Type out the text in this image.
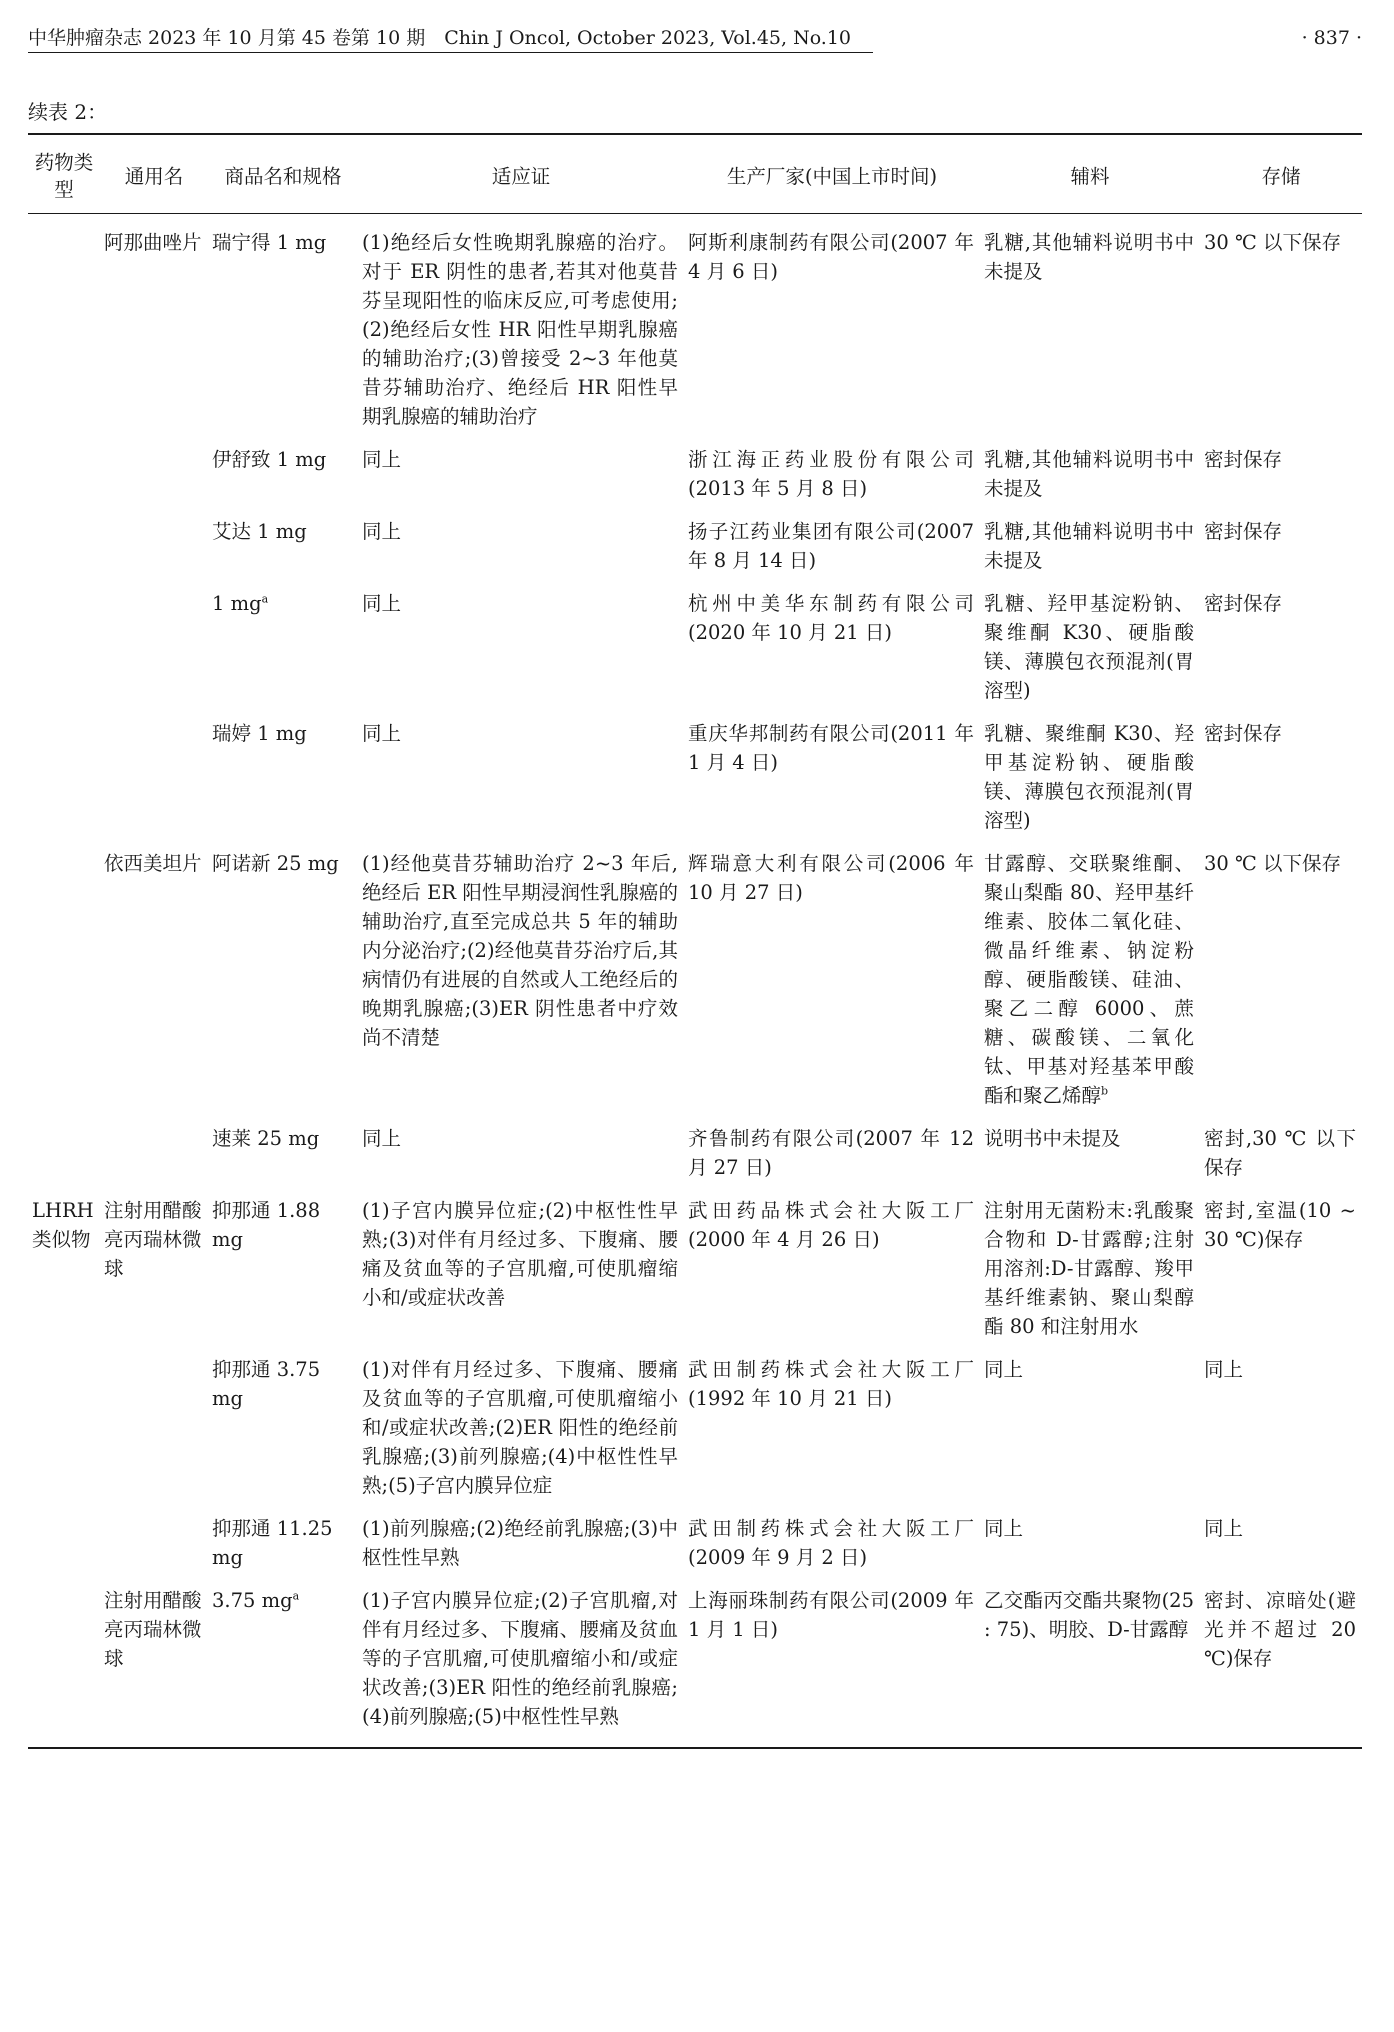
中华肿瘤杂志 2023 年 10 月第 45 卷第 10 期　Chin J Oncol, October 2023, Vol.45, No.10	· 837 ·
续表 2：
药物类型	通用名	商品名和规格	适应证	生产厂家(中国上市时间)	辅料	存储
	阿那曲唑片	瑞宁得 1 mg	(1)绝经后女性晚期乳腺癌的治疗。对于 ER 阴性的患者,若其对他莫昔芬呈现阳性的临床反应,可考虑使用;(2)绝经后女性 HR 阳性早期乳腺癌的辅助治疗;(3)曾接受 2~3 年他莫昔芬辅助治疗、绝经后 HR 阳性早期乳腺癌的辅助治疗	阿斯利康制药有限公司(2007 年 4 月 6 日)	乳糖,其他辅料说明书中未提及	30 ℃ 以下保存
		伊舒致 1 mg	同上	浙江海正药业股份有限公司(2013 年 5 月 8 日)	乳糖,其他辅料说明书中未提及	密封保存
		艾达 1 mg	同上	扬子江药业集团有限公司(2007 年 8 月 14 日)	乳糖,其他辅料说明书中未提及	密封保存
		1 $mg^a$	同上	杭州中美华东制药有限公司(2020 年 10 月 21 日)	乳糖、羟甲基淀粉钠、聚维酮 K30、硬脂酸镁、薄膜包衣预混剂(胃溶型)	密封保存
		瑞婷 1 mg	同上	重庆华邦制药有限公司(2011 年 1 月 4 日)	乳糖、聚维酮 K30、羟甲基淀粉钠、硬脂酸镁、薄膜包衣预混剂(胃溶型)	密封保存
	依西美坦片	阿诺新 25 mg	(1)经他莫昔芬辅助治疗 2~3 年后,绝经后 ER 阳性早期浸润性乳腺癌的辅助治疗,直至完成总共 5 年的辅助内分泌治疗;(2)经他莫昔芬治疗后,其病情仍有进展的自然或人工绝经后的晚期乳腺癌;(3)ER 阴性患者中疗效尚不清楚	辉瑞意大利有限公司(2006 年 10 月 27 日)	甘露醇、交联聚维酮、聚山梨酯 80、羟甲基纤维素、胶体二氧化硅、微晶纤维素、钠淀粉醇、硬脂酸镁、硅油、聚乙二醇 6000、蔗糖、碳酸镁、二氧化钛、甲基对羟基苯甲酸酯和聚乙烯醇$^b$	30 ℃ 以下保存
		速莱 25 mg	同上	齐鲁制药有限公司(2007 年 12 月 27 日)	说明书中未提及	密封,30 ℃ 以下保存
LHRH 类似物	注射用醋酸亮丙瑞林微球	抑那通 1.88 mg	(1)子宫内膜异位症;(2)中枢性性早熟;(3)对伴有月经过多、下腹痛、腰痛及贫血等的子宫肌瘤,可使肌瘤缩小和/或症状改善	武田药品株式会社大阪工厂(2000 年 4 月 26 日)	注射用无菌粉末:乳酸聚合物和 D-甘露醇;注射用溶剂:D-甘露醇、羧甲基纤维素钠、聚山梨醇酯 80 和注射用水	密封,室温(10 ~ 30 ℃)保存
		抑那通 3.75 mg	(1)对伴有月经过多、下腹痛、腰痛及贫血等的子宫肌瘤,可使肌瘤缩小和/或症状改善;(2)ER 阳性的绝经前乳腺癌;(3)前列腺癌;(4)中枢性性早熟;(5)子宫内膜异位症	武田制药株式会社大阪工厂(1992 年 10 月 21 日)	同上	同上
		抑那通 11.25 mg	(1)前列腺癌;(2)绝经前乳腺癌;(3)中枢性性早熟	武田制药株式会社大阪工厂(2009 年 9 月 2 日)	同上	同上
	注射用醋酸亮丙瑞林微球	3.75 $mg^a$	(1)子宫内膜异位症;(2)子宫肌瘤,对伴有月经过多、下腹痛、腰痛及贫血等的子宫肌瘤,可使肌瘤缩小和/或症状改善;(3)ER 阳性的绝经前乳腺癌;(4)前列腺癌;(5)中枢性性早熟	上海丽珠制药有限公司(2009 年 1 月 1 日)	乙交酯丙交酯共聚物(25 : 75)、明胶、D-甘露醇	密封、凉暗处(避光并不超过 20 ℃)保存
